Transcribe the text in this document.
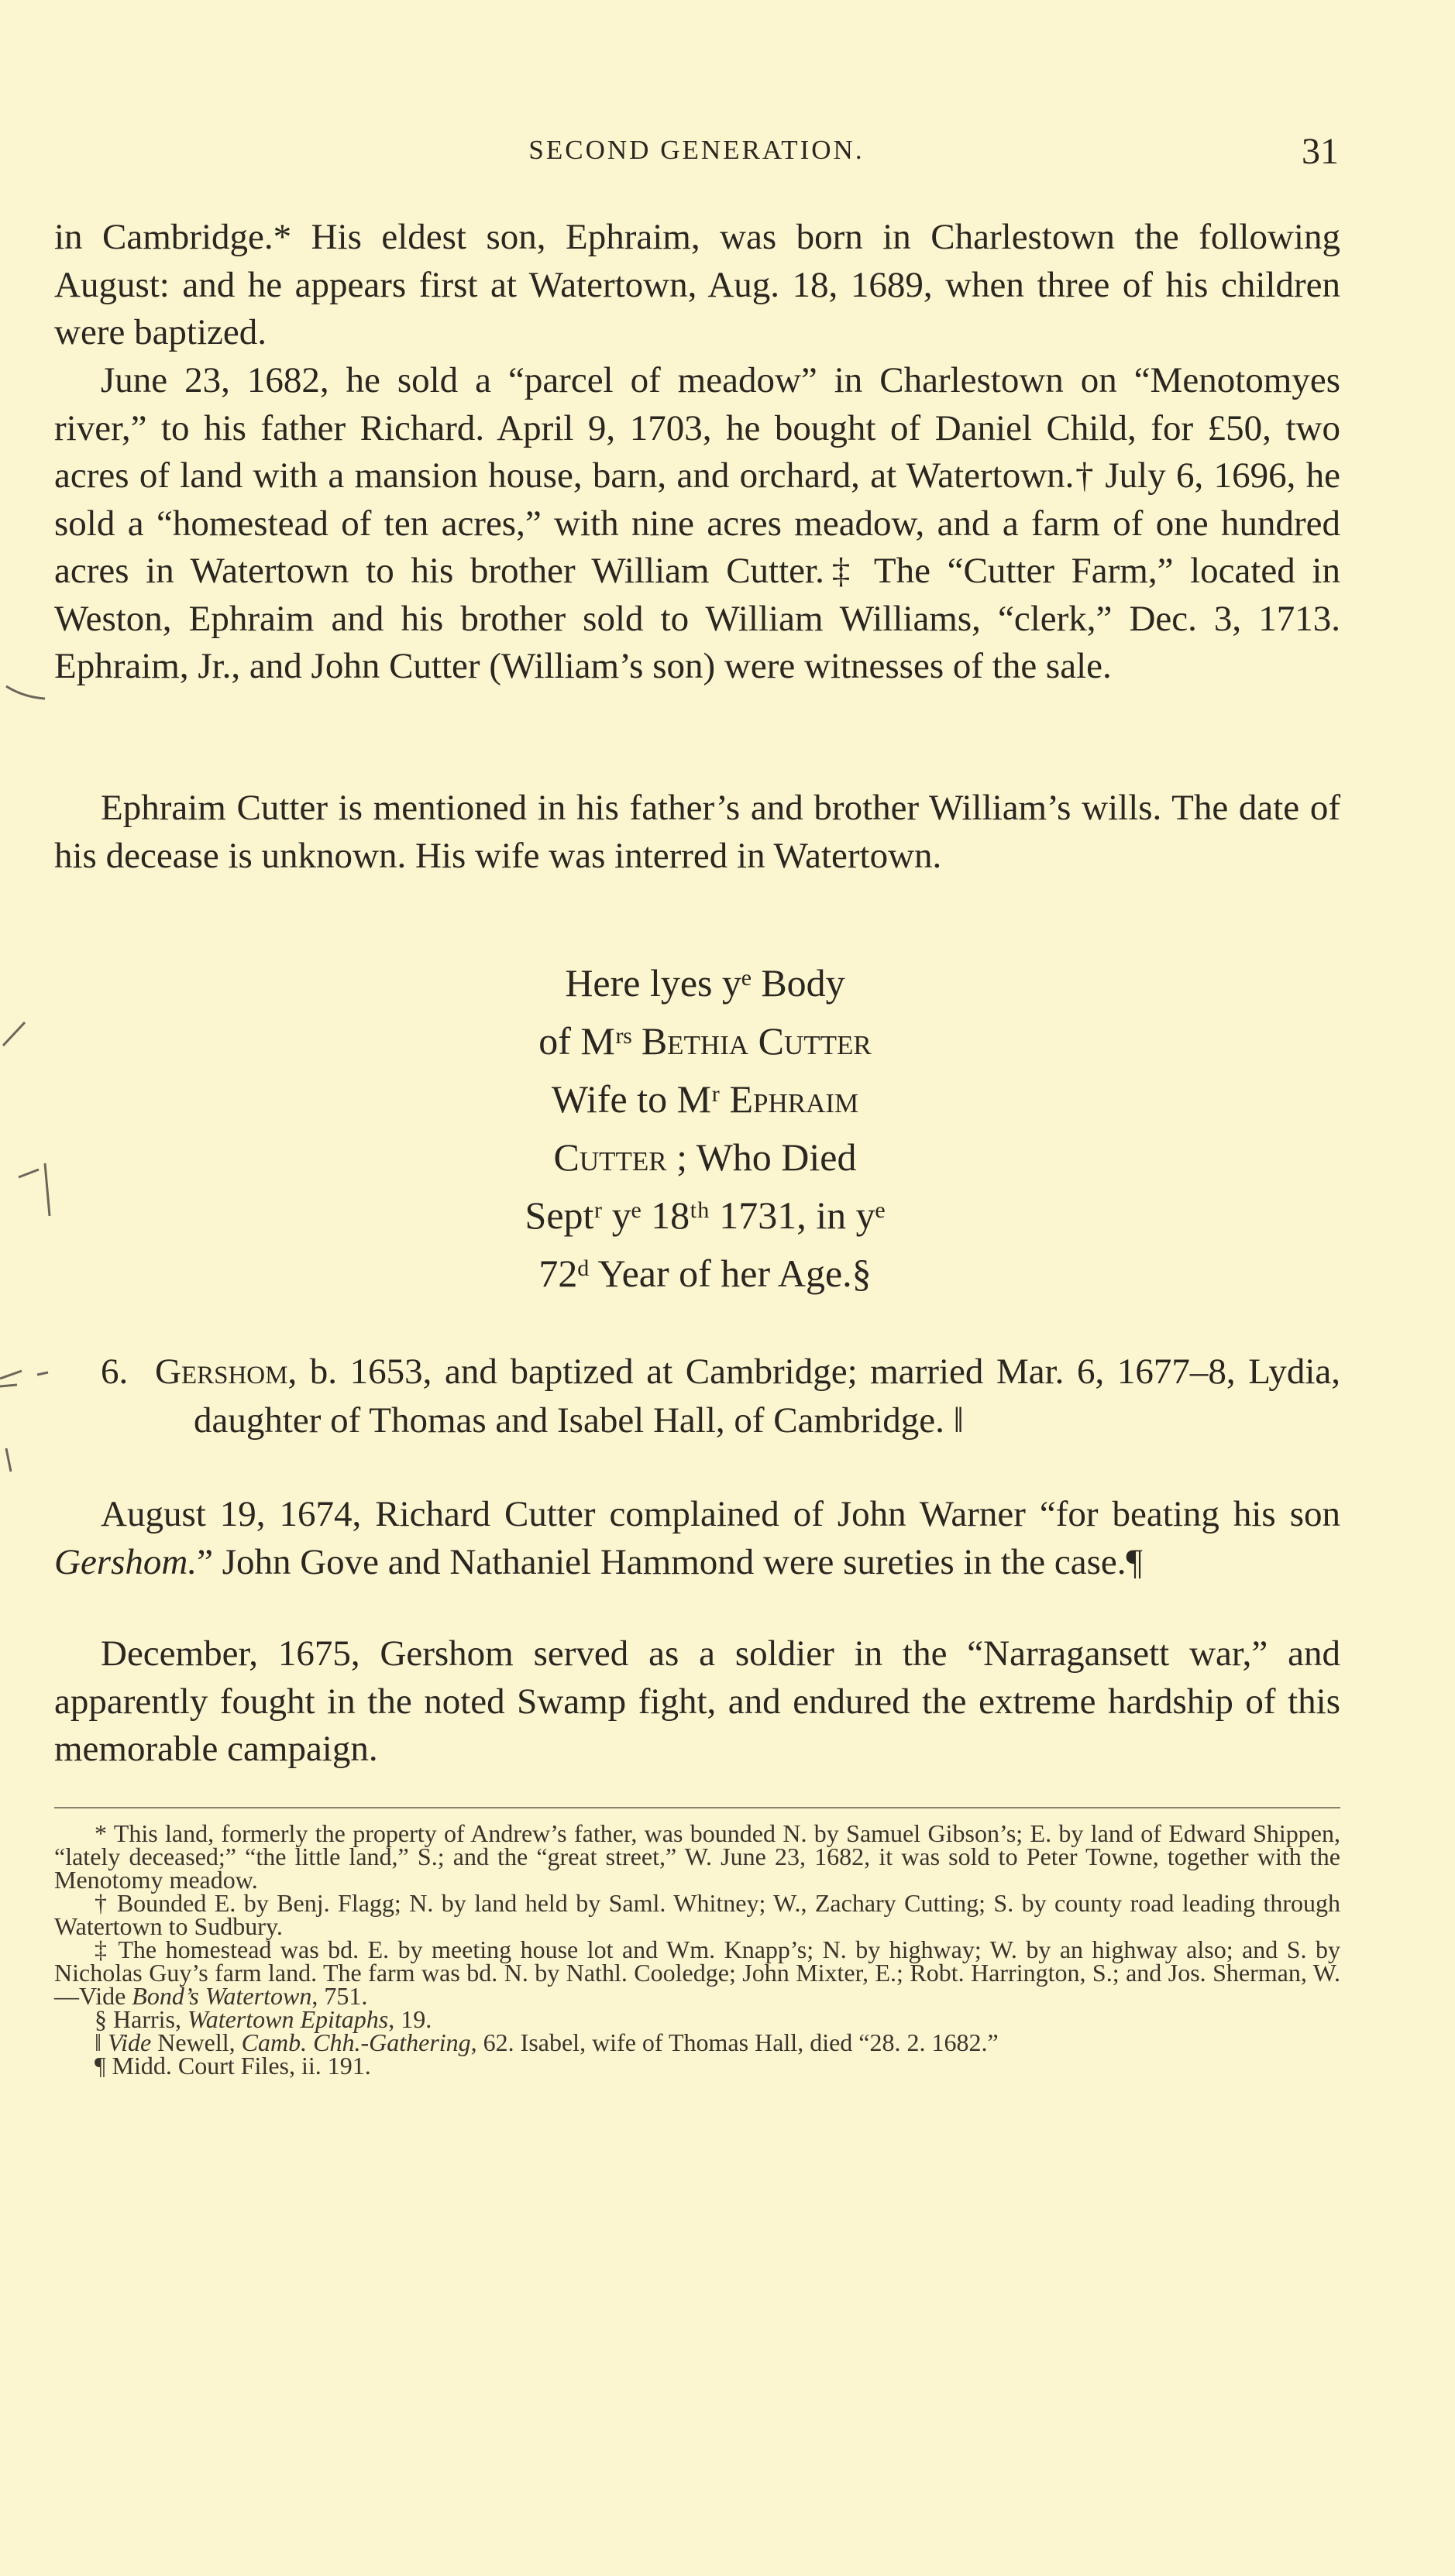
SECOND GENERATION.	31

in Cambridge.* His eldest son, Ephraim, was born in Charlestown the following August: and he appears first at Watertown, Aug. 18, 1689, when three of his children were baptized.

June 23, 1682, he sold a “parcel of meadow” in Charlestown on “Menotomyes river,” to his father Richard. April 9, 1703, he bought of Daniel Child, for £50, two acres of land with a mansion house, barn, and orchard, at Watertown.† July 6, 1696, he sold a “homestead of ten acres,” with nine acres meadow, and a farm of one hundred acres in Watertown to his brother William Cutter.‡ The “Cutter Farm,” located in Weston, Ephraim and his brother sold to William Williams, “clerk,” Dec. 3, 1713. Ephraim, Jr., and John Cutter (William’s son) were witnesses of the sale.

Ephraim Cutter is mentioned in his father’s and brother William’s wills. The date of his decease is unknown. His wife was interred in Watertown.

Here lyes yᵉ Body
of Mʳˢ Bethia Cutter
Wife to Mʳ Ephraim
Cutter ; Who Died
Septʳ yᵉ 18ᵗʰ 1731, in yᵉ
72ᵈ Year of her Age.§
6. Gershom, b. 1653, and baptized at Cambridge; married Mar. 6, 1677–8, Lydia, daughter of Thomas and Isabel Hall, of Cambridge. ‖

August 19, 1674, Richard Cutter complained of John Warner “for beating his son Gershom.” John Gove and Nathaniel Hammond were sureties in the case.¶

December, 1675, Gershom served as a soldier in the “Narragansett war,” and apparently fought in the noted Swamp fight, and endured the extreme hardship of this memorable campaign.

* This land, formerly the property of Andrew’s father, was bounded N. by Samuel Gibson’s; E. by land of Edward Shippen, “lately deceased;” “the little land,” S.; and the “great street,” W. June 23, 1682, it was sold to Peter Towne, together with the Menotomy meadow.

† Bounded E. by Benj. Flagg; N. by land held by Saml. Whitney; W., Zachary Cutting; S. by county road leading through Watertown to Sudbury.

‡ The homestead was bd. E. by meeting house lot and Wm. Knapp’s; N. by highway; W. by an highway also; and S. by Nicholas Guy’s farm land. The farm was bd. N. by Nathl. Cooledge; John Mixter, E.; Robt. Harrington, S.; and Jos. Sherman, W.—Vide Bond’s Watertown, 751.

§ Harris, Watertown Epitaphs, 19.

‖ Vide Newell, Camb. Chh.-Gathering, 62. Isabel, wife of Thomas Hall, died “28. 2. 1682.”

¶ Midd. Court Files, ii. 191.
